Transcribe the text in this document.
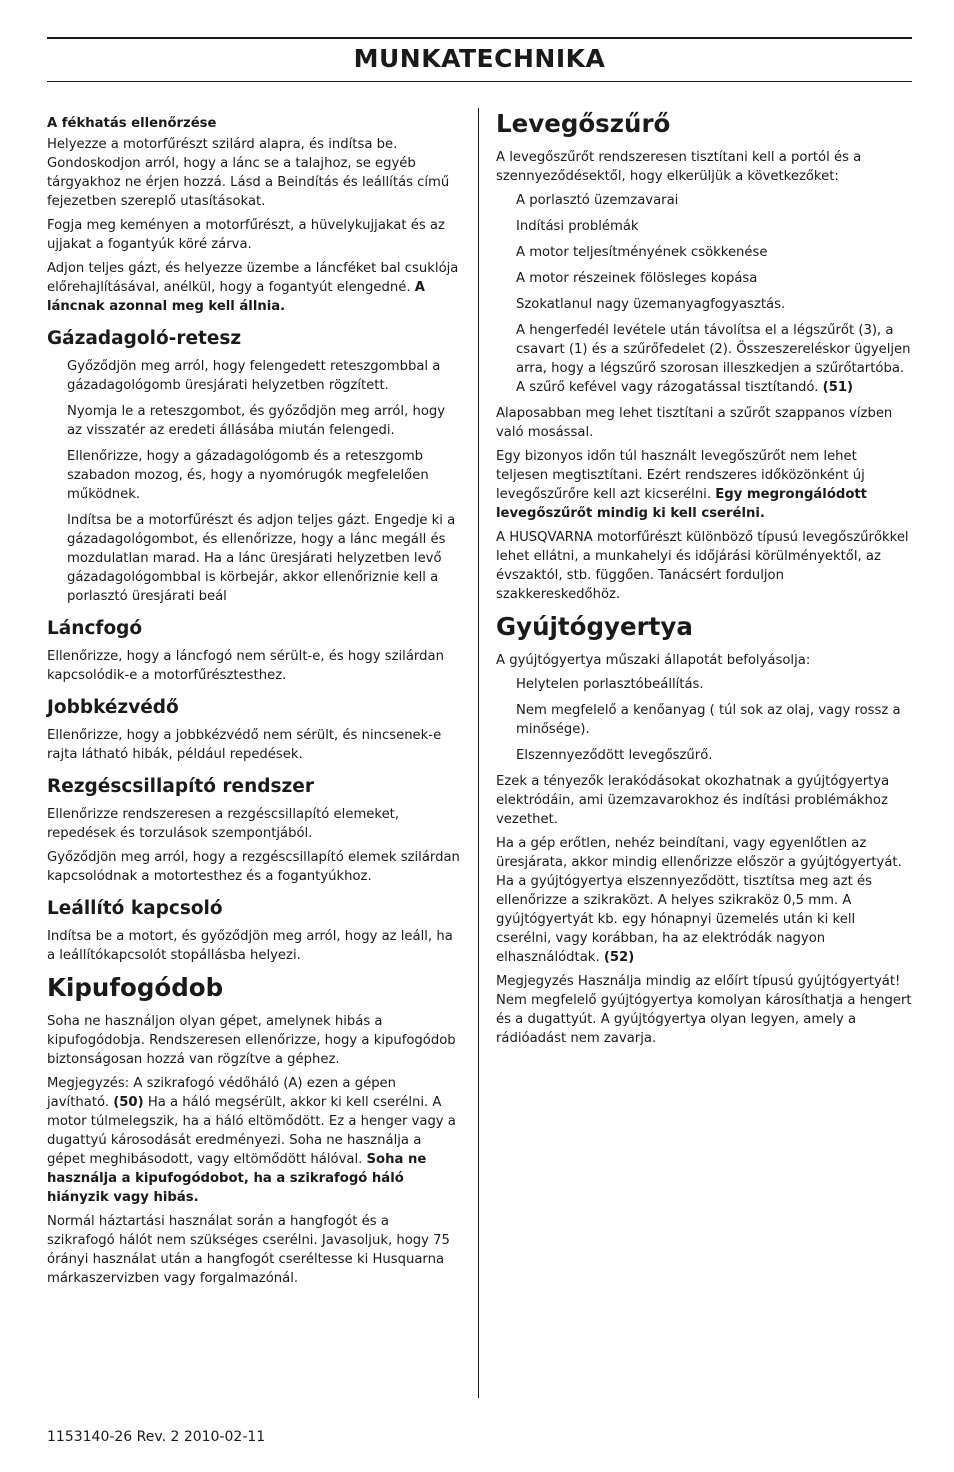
MUNKATECHNIKA

A fékhatás ellenőrzése

Helyezze a motorfűrészt szilárd alapra, és indítsa be. Gondoskodjon arról, hogy a lánc se a talajhoz, se egyéb tárgyakhoz ne érjen hozzá. Lásd a Beindítás és leállítás című fejezetben szereplő utasításokat.

Fogja meg keményen a motorfűrészt, a hüvelykujjakat és az ujjakat a fogantyúk köré zárva.

Adjon teljes gázt, és helyezze üzembe a láncféket bal csuklója előrehajlításával, anélkül, hogy a fogantyút elengedné. A láncnak azonnal meg kell állnia.

Gázadagoló-retesz

Győződjön meg arról, hogy felengedett reteszgombbal a gázadagológomb üresjárati helyzetben rögzített.

Nyomja le a reteszgombot, és győződjön meg arról, hogy az visszatér az eredeti állásába miután felengedi.

Ellenőrizze, hogy a gázadagológomb és a reteszgomb szabadon mozog, és, hogy a nyomórugók megfelelően működnek.

Indítsa be a motorfűrészt és adjon teljes gázt. Engedje ki a gázadagológombot, és ellenőrizze, hogy a lánc megáll és mozdulatlan marad. Ha a lánc üresjárati helyzetben levő gázadagológombbal is körbejár, akkor ellenőriznie kell a porlasztó üresjárati beál

Láncfogó

Ellenőrizze, hogy a láncfogó nem sérült-e, és hogy szilárdan kapcsolódik-e a motorfűrésztesthez.

Jobbkézvédő

Ellenőrizze, hogy a jobbkézvédő nem sérült, és nincsenek-e rajta látható hibák, például repedések.

Rezgéscsillapító rendszer

Ellenőrizze rendszeresen a rezgéscsillapító elemeket, repedések és torzulások szempontjából.

Győződjön meg arról, hogy a rezgéscsillapító elemek szilárdan kapcsolódnak a motortesthez és a fogantyúkhoz.

Leállító kapcsoló

Indítsa be a motort, és győződjön meg arról, hogy az leáll, ha a leállítókapcsolót stopállásba helyezi.

Kipufogódob

Soha ne használjon olyan gépet, amelynek hibás a kipufogódobja. Rendszeresen ellenőrizze, hogy a kipufogódob biztonságosan hozzá van rögzítve a géphez.

Megjegyzés: A szikrafogó védőháló (A) ezen a gépen javítható. (50) Ha a háló megsérült, akkor ki kell cserélni. A motor túlmelegszik, ha a háló eltömődött. Ez a henger vagy a dugattyú károsodását eredményezi. Soha ne használja a gépet meghibásodott, vagy eltömődött hálóval. Soha ne használja a kipufogódobot, ha a szikrafogó háló hiányzik vagy hibás.

Normál háztartási használat során a hangfogót és a szikrafogó hálót nem szükséges cserélni. Javasoljuk, hogy 75 órányi használat után a hangfogót cseréltesse ki Husquarna márkaszervizben vagy forgalmazónál.

Levegőszűrő

A levegőszűrőt rendszeresen tisztítani kell a portól és a szennyeződésektől, hogy elkerüljük a következőket:

A porlasztó üzemzavarai

Indítási problémák

A motor teljesítményének csökkenése

A motor részeinek fölösleges kopása

Szokatlanul nagy üzemanyagfogyasztás.

A hengerfedél levétele után távolítsa el a légszűrőt (3), a csavart (1) és a szűrőfedelet (2). Összeszereléskor ügyeljen arra, hogy a légszűrő szorosan illeszkedjen a szűrőtartóba. A szűrő kefével vagy rázogatással tisztítandó. (51)

Alaposabban meg lehet tisztítani a szűrőt szappanos vízben való mosással.

Egy bizonyos időn túl használt levegőszűrőt nem lehet teljesen megtisztítani. Ezért rendszeres időközönként új levegőszűrőre kell azt kicserélni. Egy megrongálódott levegőszűrőt mindig ki kell cserélni.

A HUSQVARNA motorfűrészt különböző típusú levegőszűrőkkel lehet ellátni, a munkahelyi és időjárási körülményektől, az évszaktól, stb. függően. Tanácsért forduljon szakkereskedőhöz.

Gyújtógyertya

A gyújtógyertya műszaki állapotát befolyásolja:

Helytelen porlasztóbeállítás.

Nem megfelelő a kenőanyag ( túl sok az olaj, vagy rossz a minősége).

Elszennyeződött levegőszűrő.

Ezek a tényezők lerakódásokat okozhatnak a gyújtógyertya elektródáin, ami üzemzavarokhoz és indítási problémákhoz vezethet.

Ha a gép erőtlen, nehéz beindítani, vagy egyenlőtlen az üresjárata, akkor mindig ellenőrizze először a gyújtógyertyát. Ha a gyújtógyertya elszennyeződött, tisztítsa meg azt és ellenőrizze a szikraközt. A helyes szikraköz 0,5 mm. A gyújtógyertyát kb. egy hónapnyi üzemelés után ki kell cserélni, vagy korábban, ha az elektródák nagyon elhasználódtak. (52)

Megjegyzés Használja mindig az előírt típusú gyújtógyertyát! Nem megfelelő gyújtógyertya komolyan károsíthatja a hengert és a dugattyút. A gyújtógyertya olyan legyen, amely a rádióadást nem zavarja.

1153140-26 Rev. 2 2010-02-11
